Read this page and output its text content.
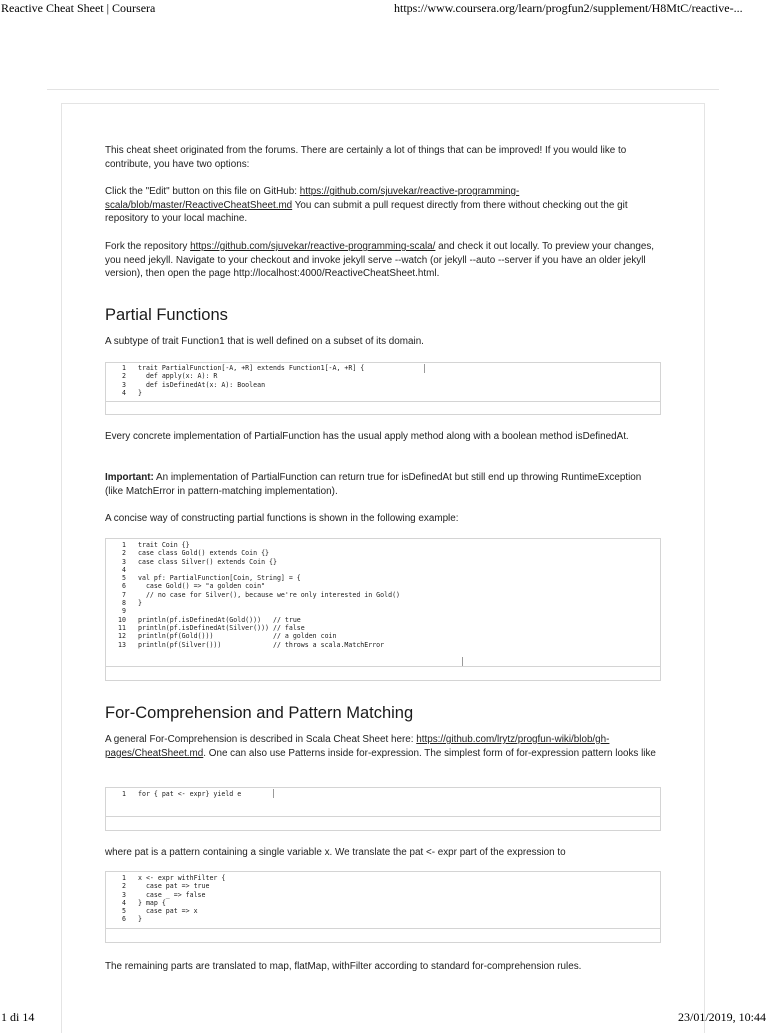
Reactive Cheat Sheet | Coursera	https://www.coursera.org/learn/progfun2/supplement/H8MtC/reactive-...

This cheat sheet originated from the forums. There are certainly a lot of things that can be improved! If you would like to contribute, you have two options:

Click the "Edit" button on this file on GitHub: https://github.com/sjuvekar/reactive-programming-scala/blob/master/ReactiveCheatSheet.md You can submit a pull request directly from there without checking out the git repository to your local machine.

Fork the repository https://github.com/sjuvekar/reactive-programming-scala/ and check it out locally. To preview your changes, you need jekyll. Navigate to your checkout and invoke jekyll serve --watch (or jekyll --auto --server if you have an older jekyll version), then open the page http://localhost:4000/ReactiveCheatSheet.html.

Partial Functions

A subtype of trait Function1 that is well defined on a subset of its domain.

1 trait PartialFunction[-A, +R] extends Function1[-A, +R] {
2 def apply(x: A): R
3 def isDefinedAt(x: A): Boolean
4 }

Every concrete implementation of PartialFunction has the usual apply method along with a boolean method isDefinedAt.

Important: An implementation of PartialFunction can return true for isDefinedAt but still end up throwing RuntimeException (like MatchError in pattern-matching implementation).

A concise way of constructing partial functions is shown in the following example:

1 trait Coin {}
2 case class Gold() extends Coin {}
3 case class Silver() extends Coin {}
4
5 val pf: PartialFunction[Coin, String] = {
6 case Gold() => "a golden coin"
7 // no case for Silver(), because we're only interested in Gold()
8 }
9
10 println(pf.isDefinedAt(Gold()))   // true
11 println(pf.isDefinedAt(Silver())) // false
12 println(pf(Gold()))               // a golden coin
13 println(pf(Silver()))             // throws a scala.MatchError
For-Comprehension and Pattern Matching

A general For-Comprehension is described in Scala Cheat Sheet here: https://github.com/lrytz/progfun-wiki/blob/gh-pages/CheatSheet.md. One can also use Patterns inside for-expression. The simplest form of for-expression pattern looks like

1 for { pat <- expr} yield e

where pat is a pattern containing a single variable x. We translate the pat <- expr part of the expression to

1 x <- expr withFilter {
2 case pat => true
3 case _ => false
4 } map {
5 case pat => x
6 }

The remaining parts are translated to map, flatMap, withFilter according to standard for-comprehension rules.

1 di 14	23/01/2019, 10:44
